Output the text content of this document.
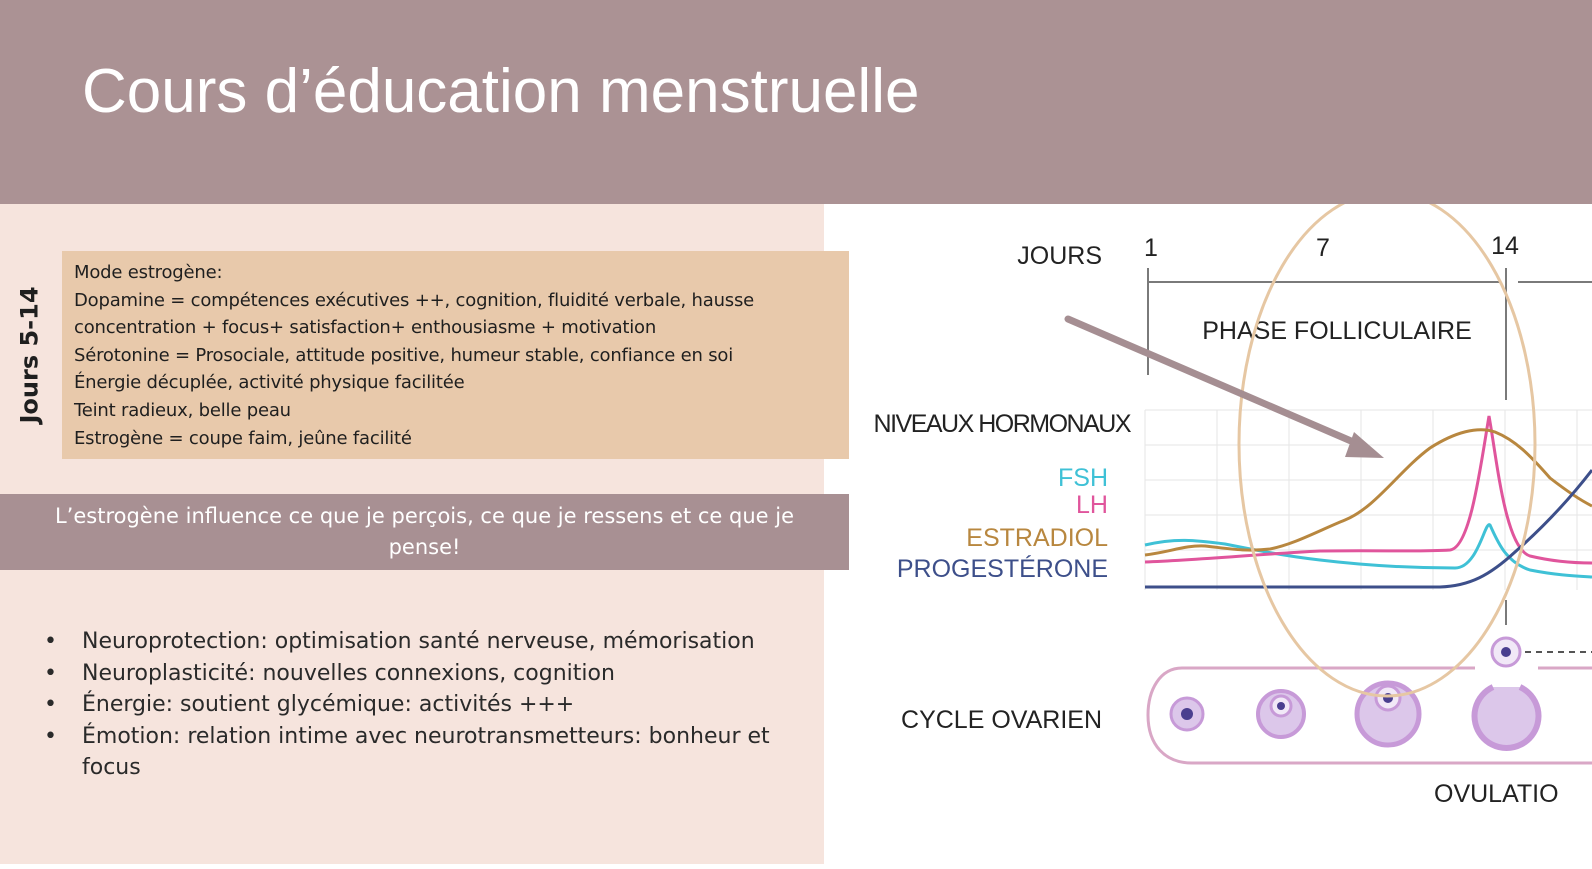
Cours d’éducation menstruelle
Jours 5-14
Mode estrogène:
Dopamine = compétences exécutives ++, cognition, fluidité verbale, hausse
concentration + focus+ satisfaction+ enthousiasme + motivation
Sérotonine = Prosociale, attitude positive, humeur stable, confiance en soi
Énergie décuplée, activité physique facilitée
Teint radieux, belle peau
Estrogène = coupe faim, jeûne facilité
L’estrogène influence ce que je perçois, ce que je ressens et ce que je pense!
• Neuroprotection: optimisation santé nerveuse, mémorisation
• Neuroplasticité: nouvelles connexions, cognition
• Énergie: soutient glycémique: activités +++
• Émotion: relation intime avec neurotransmetteurs: bonheur et focus
JOURS 1	7	14
PHASE FOLLICULAIRE
NIVEAUX HORMONAUX
FSH
LH
ESTRADIOL
PROGESTÉRONE
CYCLE OVARIEN
OVULATIO
